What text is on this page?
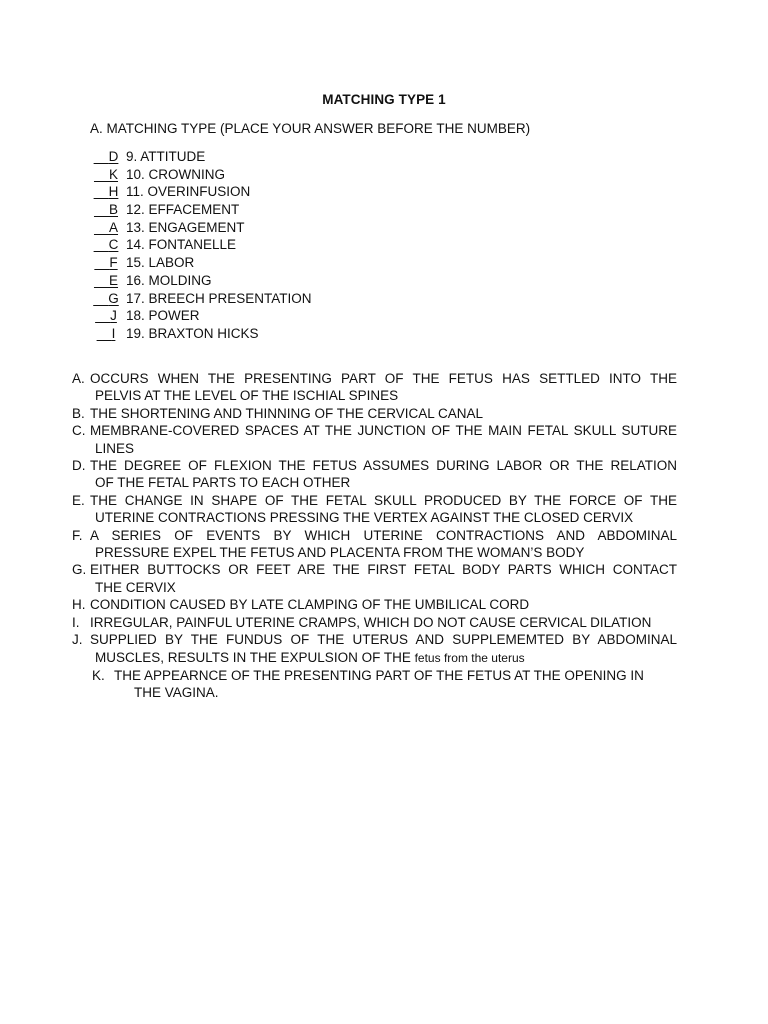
MATCHING TYPE 1
A. MATCHING TYPE (PLACE YOUR ANSWER BEFORE THE NUMBER)
__ D 9. ATTITUDE
__ K 10. CROWNING
__ H 11. OVERINFUSION
__ B 12. EFFACEMENT
__ A 13. ENGAGEMENT
__ C 14. FONTANELLE
__ F 15. LABOR
__ E 16. MOLDING
__ G 17. BREECH PRESENTATION
__ J 18. POWER
__ I 19. BRAXTON HICKS
A. OCCURS WHEN THE PRESENTING PART OF THE FETUS HAS SETTLED INTO THE
PELVIS AT THE LEVEL OF THE ISCHIAL SPINES
B. THE SHORTENING AND THINNING OF THE CERVICAL CANAL
C. MEMBRANE-COVERED SPACES AT THE JUNCTION OF THE MAIN FETAL SKULL SUTURE
LINES
D. THE DEGREE OF FLEXION THE FETUS ASSUMES DURING LABOR OR THE RELATION
OF THE FETAL PARTS TO EACH OTHER
E. THE CHANGE IN SHAPE OF THE FETAL SKULL PRODUCED BY THE FORCE OF THE
UTERINE CONTRACTIONS PRESSING THE VERTEX AGAINST THE CLOSED CERVIX
F. A SERIES OF EVENTS BY WHICH UTERINE CONTRACTIONS AND ABDOMINAL
PRESSURE EXPEL THE FETUS AND PLACENTA FROM THE WOMAN’S BODY
G. EITHER BUTTOCKS OR FEET ARE THE FIRST FETAL BODY PARTS WHICH CONTACT
THE CERVIX
H. CONDITION CAUSED BY LATE CLAMPING OF THE UMBILICAL CORD
I. IRREGULAR, PAINFUL UTERINE CRAMPS, WHICH DO NOT CAUSE CERVICAL DILATION
J. SUPPLIED BY THE FUNDUS OF THE UTERUS AND SUPPLEMEMTED BY ABDOMINAL
MUSCLES, RESULTS IN THE EXPULSION OF THE fetus from the uterus
K. THE APPEARNCE OF THE PRESENTING PART OF THE FETUS AT THE OPENING IN
THE VAGINA.
